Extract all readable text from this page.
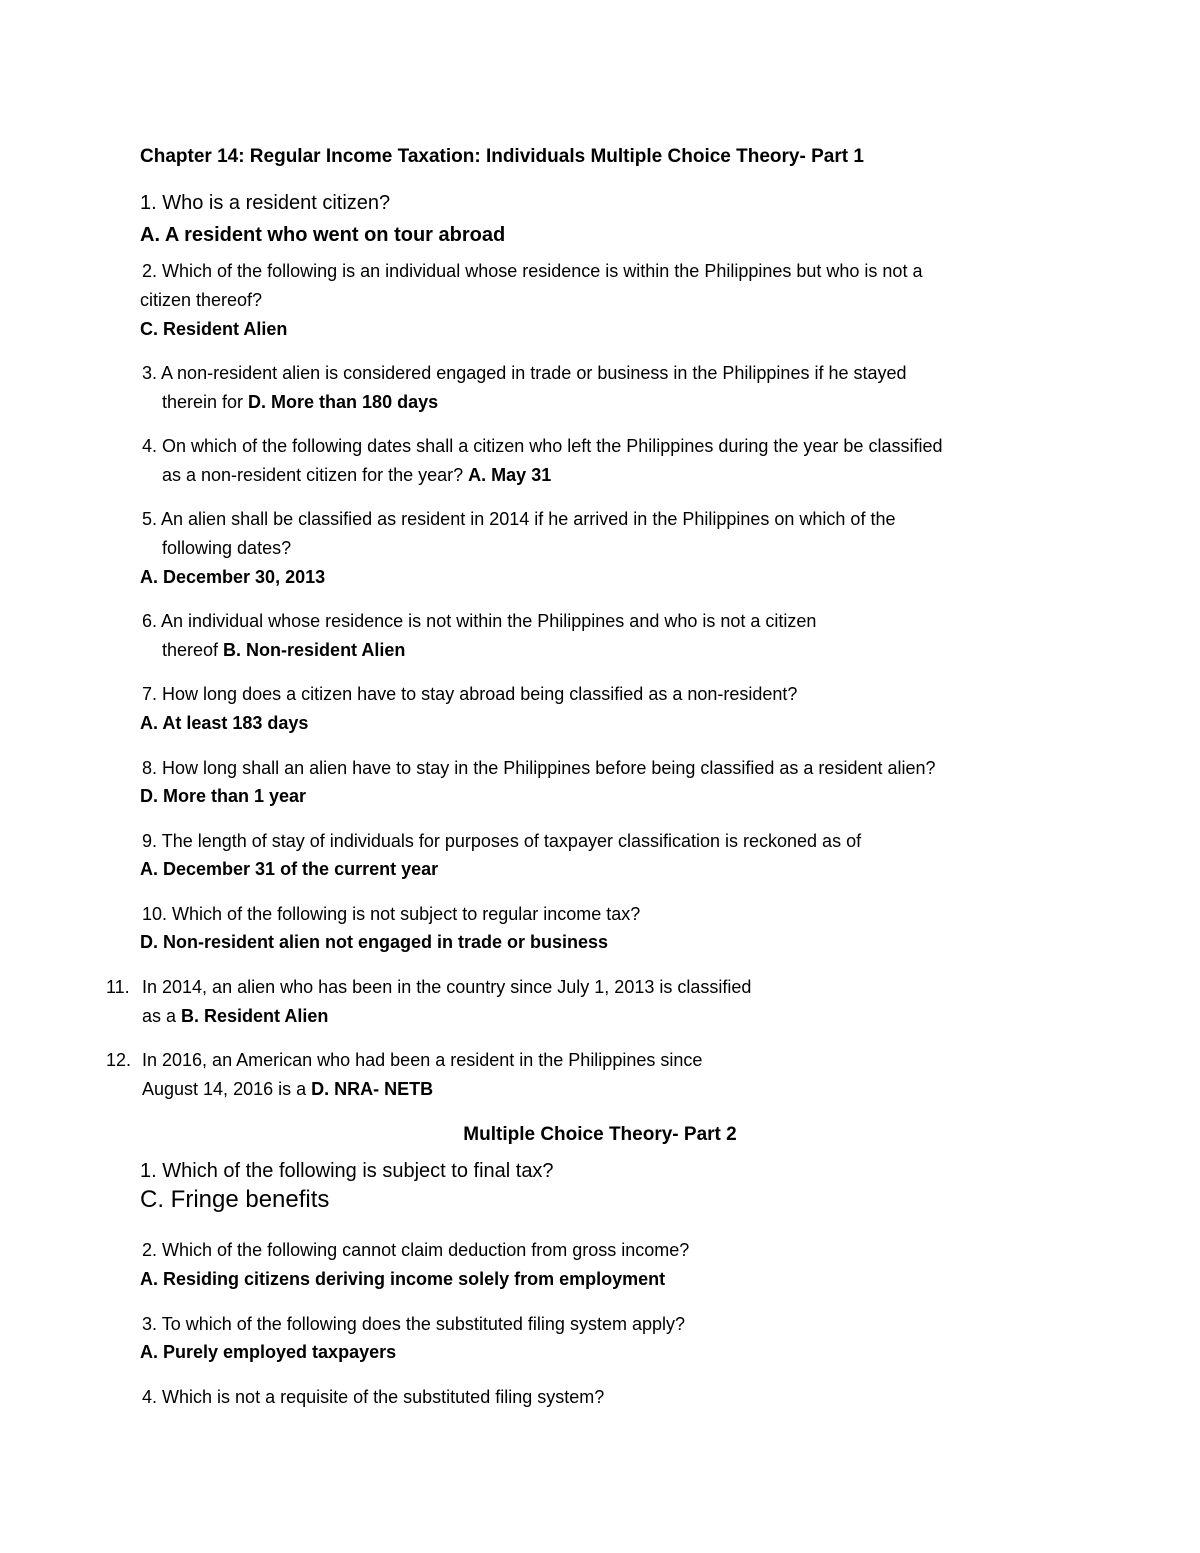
Chapter 14: Regular Income Taxation: Individuals Multiple Choice Theory- Part 1
1. Who is a resident citizen?
A. A resident who went on tour abroad
2. Which of the following is an individual whose residence is within the Philippines but who is not a
citizen thereof?
C. Resident Alien
3. A non-resident alien is considered engaged in trade or business in the Philippines if he stayed
therein for D. More than 180 days
4. On which of the following dates shall a citizen who left the Philippines during the year be classified
as a non-resident citizen for the year? A. May 31
5. An alien shall be classified as resident in 2014 if he arrived in the Philippines on which of the
following dates?
A. December 30, 2013
6. An individual whose residence is not within the Philippines and who is not a citizen
thereof B. Non-resident Alien
7. How long does a citizen have to stay abroad being classified as a non-resident?
A. At least 183 days
8. How long shall an alien have to stay in the Philippines before being classified as a resident alien?
D. More than 1 year
9. The length of stay of individuals for purposes of taxpayer classification is reckoned as of
A. December 31 of the current year
10. Which of the following is not subject to regular income tax?
D. Non-resident alien not engaged in trade or business
11. In 2014, an alien who has been in the country since July 1, 2013 is classified
as a B. Resident Alien
12. In 2016, an American who had been a resident in the Philippines since
August 14, 2016 is a D. NRA- NETB
Multiple Choice Theory- Part 2
1. Which of the following is subject to final tax?
C. Fringe benefits
2. Which of the following cannot claim deduction from gross income?
A. Residing citizens deriving income solely from employment
3. To which of the following does the substituted filing system apply?
A. Purely employed taxpayers
4. Which is not a requisite of the substituted filing system?
